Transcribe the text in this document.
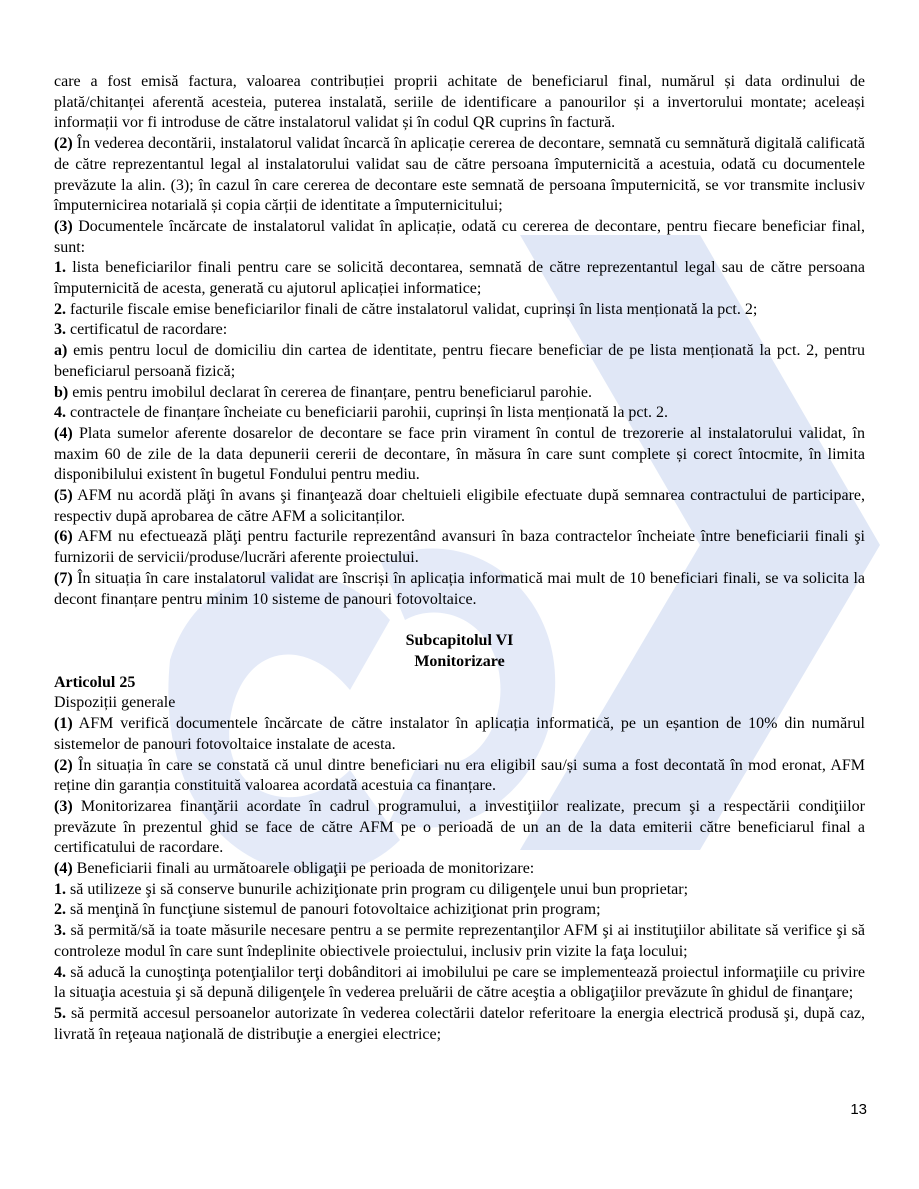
care a fost emisă factura, valoarea contribuției proprii achitate de beneficiarul final, numărul și data ordinului de plată/chitanței aferentă acesteia, puterea instalată, seriile de identificare a panourilor și a invertorului montate; aceleași informații vor fi introduse de către instalatorul validat și în codul QR cuprins în factură.

(2) În vederea decontării, instalatorul validat încarcă în aplicație cererea de decontare, semnată cu semnătură digitală calificată de către reprezentantul legal al instalatorului validat sau de către persoana împuternicită a acestuia, odată cu documentele prevăzute la alin. (3); în cazul în care cererea de decontare este semnată de persoana împuternicită, se vor transmite inclusiv împuternicirea notarială și copia cărții de identitate a împuternicitului;

(3) Documentele încărcate de instalatorul validat în aplicație, odată cu cererea de decontare, pentru fiecare beneficiar final, sunt:

1. lista beneficiarilor finali pentru care se solicită decontarea, semnată de către reprezentantul legal sau de către persoana împuternicită de acesta, generată cu ajutorul aplicației informatice;

2. facturile fiscale emise beneficiarilor finali de către instalatorul validat, cuprinși în lista menționată la pct. 2;

3. certificatul de racordare:

a) emis pentru locul de domiciliu din cartea de identitate, pentru fiecare beneficiar de pe lista menționată la pct. 2, pentru beneficiarul persoană fizică;

b) emis pentru imobilul declarat în cererea de finanțare, pentru beneficiarul parohie.

4. contractele de finanțare încheiate cu beneficiarii parohii, cuprinși în lista menționată la pct. 2.

(4) Plata sumelor aferente dosarelor de decontare se face prin virament în contul de trezorerie al instalatorului validat, în maxim 60 de zile de la data depunerii cererii de decontare, în măsura în care sunt complete și corect întocmite, în limita disponibilului existent în bugetul Fondului pentru mediu.

(5) AFM nu acordă plăţi în avans şi finanţează doar cheltuieli eligibile efectuate după semnarea contractului de participare, respectiv după aprobarea de către AFM a solicitanților.

(6) AFM nu efectuează plăţi pentru facturile reprezentând avansuri în baza contractelor încheiate între beneficiarii finali şi furnizorii de servicii/produse/lucrări aferente proiectului.

(7) În situația în care instalatorul validat are înscriși în aplicația informatică mai mult de 10 beneficiari finali, se va solicita la decont finanțare pentru minim 10 sisteme de panouri fotovoltaice.

Subcapitolul VI

Monitorizare

Articolul 25

Dispoziții generale

(1) AFM verifică documentele încărcate de către instalator în aplicația informatică, pe un eșantion de 10% din numărul sistemelor de panouri fotovoltaice instalate de acesta.

(2) În situația în care se constată că unul dintre beneficiari nu era eligibil sau/și suma a fost decontată în mod eronat, AFM reține din garanția constituită valoarea acordată acestuia ca finanțare.

(3) Monitorizarea finanţării acordate în cadrul programului, a investiţiilor realizate, precum şi a respectării condiţiilor prevăzute în prezentul ghid se face de către AFM pe o perioadă de un an de la data emiterii către beneficiarul final a certificatului de racordare.

(4) Beneficiarii finali au următoarele obligaţii pe perioada de monitorizare:

1. să utilizeze şi să conserve bunurile achiziţionate prin program cu diligenţele unui bun proprietar;

2. să menţină în funcţiune sistemul de panouri fotovoltaice achiziţionat prin program;

3. să permită/să ia toate măsurile necesare pentru a se permite reprezentanţilor AFM şi ai instituţiilor abilitate să verifice şi să controleze modul în care sunt îndeplinite obiectivele proiectului, inclusiv prin vizite la faţa locului;

4. să aducă la cunoştinţa potenţialilor terţi dobânditori ai imobilului pe care se implementează proiectul informaţiile cu privire la situaţia acestuia şi să depună diligenţele în vederea preluării de către aceştia a obligaţiilor prevăzute în ghidul de finanţare;

5. să permită accesul persoanelor autorizate în vederea colectării datelor referitoare la energia electrică produsă şi, după caz, livrată în reţeaua naţională de distribuţie a energiei electrice;

13
